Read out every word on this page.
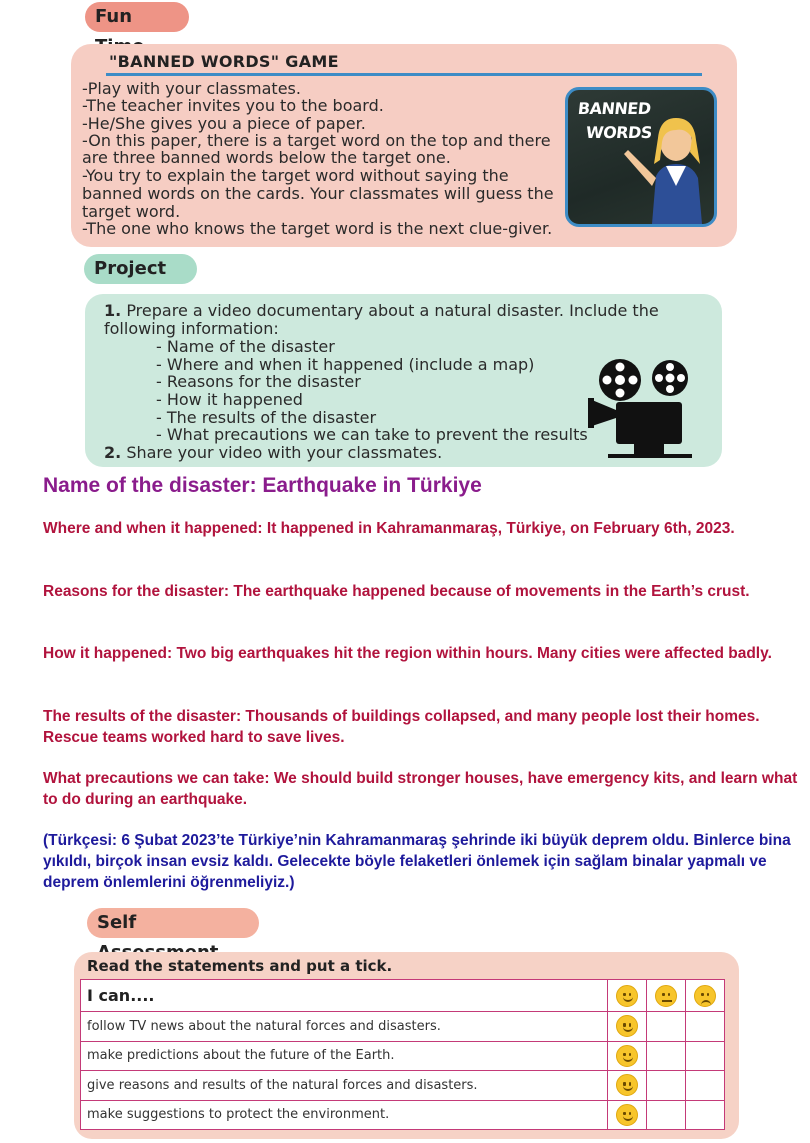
Fun
"BANNED WORDS" GAME
-Play with your classmates.
-The teacher invites you to the board.
-He/She gives you a piece of paper.
-On this paper, there is a target word on the top and there
are three banned words below the target one.
-You try to explain the target word without saying the
banned words on the cards. Your classmates will guess the
target word.
-The one who knows the target word is the next clue-giver.
BANNED
WORDS
Project
1. Prepare a video documentary about a natural disaster. Include the
following information:
- Name of the disaster
- Where and when it happened (include a map)
- Reasons for the disaster
- How it happened
- The results of the disaster
- What precautions we can take to prevent the results
2. Share your video with your classmates.
Name of the disaster: Earthquake in Türkiye
Where and when it happened: It happened in Kahramanmaraş, Türkiye, on February 6th, 2023.
Reasons for the disaster: The earthquake happened because of movements in the Earth’s crust.
How it happened: Two big earthquakes hit the region within hours. Many cities were affected badly.
The results of the disaster: Thousands of buildings collapsed, and many people lost their homes. Rescue teams worked hard to save lives.
What precautions we can take: We should build stronger houses, have emergency kits, and learn what to do during an earthquake.
(Türkçesi: 6 Şubat 2023’te Türkiye’nin Kahramanmaraş şehrinde iki büyük deprem oldu. Binlerce bina yıkıldı, birçok insan evsiz kaldı. Gelecekte böyle felaketleri önlemek için sağlam binalar yapmalı ve deprem önlemlerini öğrenmeliyiz.)
Self
Read the statements and put a tick.
I can....	

follow TV news about the natural forces and disasters.	

make predictions about the future of the Earth.	

give reasons and results of the natural forces and disasters.	

make suggestions to protect the environment.	
